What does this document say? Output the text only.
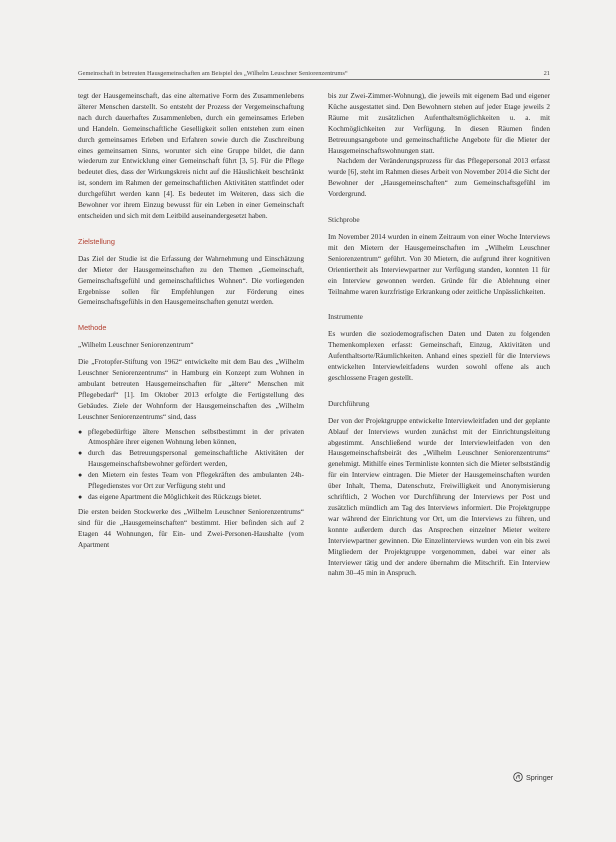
Gemeinschaft in betreuten Hausgemeinschaften am Beispiel des „Wilhelm Leuschner Seniorenzentrums“	21

tegt der Hausgemeinschaft, das eine alternative Form des Zusammenlebens älterer Menschen darstellt. So entsteht der Prozess der Vergemeinschaftung nach durch dauerhaftes Zusammenleben, durch ein gemeinsames Erleben und Handeln. Gemeinschaftliche Geselligkeit sollen entstehen zum einen durch gemeinsames Erleben und Erfahren sowie durch die Zuschreibung eines gemeinsamen Sinns, worunter sich eine Gruppe bildet, die dann wiederum zur Entwicklung einer Gemeinschaft führt [3, 5]. Für die Pflege bedeutet dies, dass der Wirkungskreis nicht auf die Häuslichkeit beschränkt ist, sondern im Rahmen der gemeinschaftlichen Aktivitäten stattfindet oder durchgeführt werden kann [4]. Es bedeutet im Weiteren, dass sich die Bewohner vor ihrem Einzug bewusst für ein Leben in einer Gemeinschaft entscheiden und sich mit dem Leitbild auseinandergesetzt haben.

Zielstellung

Das Ziel der Studie ist die Erfassung der Wahrnehmung und Einschätzung der Mieter der Hausgemeinschaften zu den Themen „Gemeinschaft, Gemeinschaftsgefühl und gemeinschaftliches Wohnen“. Die vorliegenden Ergebnisse sollen für Empfehlungen zur Förderung eines Gemeinschaftsgefühls in den Hausgemeinschaften genutzt werden.

Methode
„Wilhelm Leuschner Seniorenzentrum“

Die „Frotopfer-Stiftung von 1962“ entwickelte mit dem Bau des „Wilhelm Leuschner Seniorenzentrums“ in Hamburg ein Konzept zum Wohnen in ambulant betreuten Hausgemeinschaften für „ältere“ Menschen mit Pflegebedarf“ [1]. Im Oktober 2013 erfolgte die Fertigstellung des Gebäudes. Ziele der Wohnform der Hausgemeinschaften des „Wilhelm Leuschner Seniorenzentrums“ sind, dass

● pflegebedürftige ältere Menschen selbstbestimmt in der privaten Atmosphäre ihrer eigenen Wohnung leben können,
● durch das Betreuungspersonal gemeinschaftliche Aktivitäten der Hausgemeinschaftsbewohner gefördert werden,
● den Mietern ein festes Team von Pflegekräften des ambulanten 24h-Pflegedienstes vor Ort zur Verfügung steht und
● das eigene Apartment die Möglichkeit des Rückzugs bietet.

Die ersten beiden Stockwerke des „Wilhelm Leuschner Seniorenzentrums“ sind für die „Hausgemeinschaften“ bestimmt. Hier befinden sich auf 2 Etagen 44 Wohnungen, für Ein- und Zwei-Personen-Haushalte (vom Apartment

bis zur Zwei-Zimmer-Wohnung), die jeweils mit eigenem Bad und eigener Küche ausgestattet sind. Den Bewohnern stehen auf jeder Etage jeweils 2 Räume mit zusätzlichen Aufenthaltsmöglichkeiten u. a. mit Kochmöglichkeiten zur Verfügung. In diesen Räumen finden Betreuungsangebote und gemeinschaftliche Angebote für die Mieter der Hausgemeinschaftswohnungen statt.

Nachdem der Veränderungsprozess für das Pflegepersonal 2013 erfasst wurde [6], steht im Rahmen dieses Arbeit von November 2014 die Sicht der Bewohner der „Hausgemeinschaften“ zum Gemeinschaftsgefühl im Vordergrund.

Stichprobe

Im November 2014 wurden in einem Zeitraum von einer Woche Interviews mit den Mietern der Hausgemeinschaften im „Wilhelm Leuschner Seniorenzentrum“ geführt. Von 30 Mietern, die aufgrund ihrer kognitiven Orientiertheit als Interviewpartner zur Verfügung standen, konnten 11 für ein Interview gewonnen werden. Gründe für die Ablehnung einer Teilnahme waren kurzfristige Erkrankung oder zeitliche Unpässlichkeiten.

Instrumente

Es wurden die soziodemografischen Daten und Daten zu folgenden Themenkomplexen erfasst: Gemeinschaft, Einzug, Aktivitäten und Aufenthaltsorte/Räumlichkeiten. Anhand eines speziell für die Interviews entwickelten Interviewleitfadens wurden sowohl offene als auch geschlossene Fragen gestellt.

Durchführung

Der von der Projektgruppe entwickelte Interviewleitfaden und der geplante Ablauf der Interviews wurden zunächst mit der Einrichtungsleitung abgestimmt. Anschließend wurde der Interviewleitfaden von den Hausgemeinschaftsbeirät des „Wilhelm Leuschner Seniorenzentrums“ genehmigt. Mithilfe eines Terminliste konnten sich die Mieter selbstständig für ein Interview eintragen. Die Mieter der Hausgemeinschaften wurden über Inhalt, Thema, Datenschutz, Freiwilligkeit und Anonymisierung schriftlich, 2 Wochen vor Durchführung der Interviews per Post und zusätzlich mündlich am Tag des Interviews informiert. Die Projektgruppe war während der Einrichtung vor Ort, um die Interviews zu führen, und konnte außerdem durch das Ansprechen einzelner Mieter weitere Interviewpartner gewinnen. Die Einzelinterviews wurden von ein bis zwei Mitgliedern der Projektgruppe vorgenommen, dabei war einer als Interviewer tätig und der andere übernahm die Mitschrift. Ein Interview nahm 30–45 min in Anspruch.

Springer
